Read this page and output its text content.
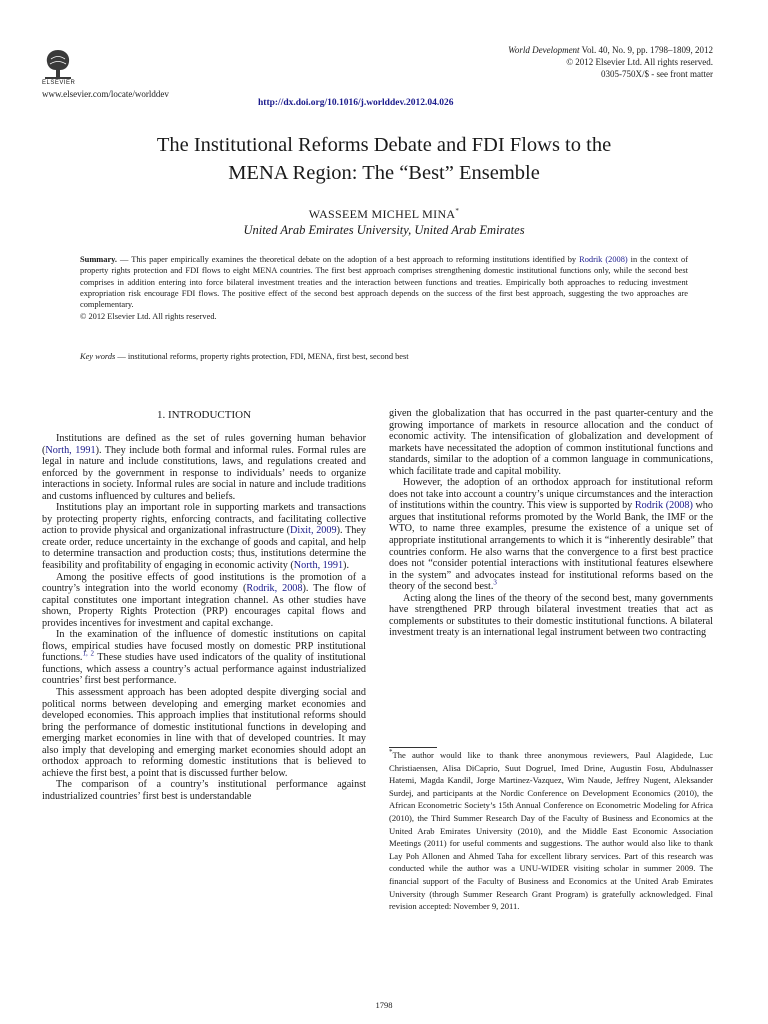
ELSEVIER
www.elsevier.com/locate/worlddev
http://dx.doi.org/10.1016/j.worlddev.2012.04.026
World Development Vol. 40, No. 9, pp. 1798–1809, 2012
© 2012 Elsevier Ltd. All rights reserved.
0305-750X/$ - see front matter
The Institutional Reforms Debate and FDI Flows to the
MENA Region: The “Best” Ensemble
WASSEEM MICHEL MINA*
United Arab Emirates University, United Arab Emirates
Summary. — This paper empirically examines the theoretical debate on the adoption of a best approach to reforming institutions identified by Rodrik (2008) in the context of property rights protection and FDI flows to eight MENA countries. The first best approach comprises strengthening domestic institutional functions only, while the second best comprises in addition entering into force bilateral investment treaties and the interaction between functions and treaties. Empirically both approaches to reducing investment expropriation risk encourage FDI flows. The positive effect of the second best approach depends on the success of the first best approach, suggesting the two approaches are complementary.
© 2012 Elsevier Ltd. All rights reserved.
Key words — institutional reforms, property rights protection, FDI, MENA, first best, second best
1. INTRODUCTION

Institutions are defined as the set of rules governing human behavior (North, 1991). They include both formal and informal rules. Formal rules are legal in nature and include constitutions, laws, and regulations created and enforced by the government in response to individuals’ needs to organize interactions in society. Informal rules are social in nature and include traditions and customs influenced by cultures and beliefs.

Institutions play an important role in supporting markets and transactions by protecting property rights, enforcing contracts, and facilitating collective action to provide physical and organizational infrastructure (Dixit, 2009). They create order, reduce uncertainty in the exchange of goods and capital, and help to determine transaction and production costs; thus, institutions determine the feasibility and profitability of engaging in economic activity (North, 1991).

Among the positive effects of good institutions is the promotion of a country’s integration into the world economy (Rodrik, 2008). The flow of capital constitutes one important integration channel. As other studies have shown, Property Rights Protection (PRP) encourages capital flows and provides incentives for investment and capital exchange.

In the examination of the influence of domestic institutions on capital flows, empirical studies have focused mostly on domestic PRP institutional functions.$^{1, 2}$ These studies have used indicators of the quality of institutional functions, which assess a country’s actual performance against industrialized countries’ first best performance.

This assessment approach has been adopted despite diverging social and political norms between developing and emerging market economies and developed economies. This approach implies that institutional reforms should bring the performance of domestic institutional functions in developing and emerging market economies in line with that of developed countries. It may also imply that developing and emerging market economies should adopt an orthodox approach to reforming domestic institutions that is believed to achieve the first best, a point that is discussed further below.

The comparison of a country’s institutional performance against industrialized countries’ first best is understandable

given the globalization that has occurred in the past quarter-century and the growing importance of markets in resource allocation and the conduct of economic activity. The intensification of globalization and development of markets have necessitated the adoption of common institutional functions and standards, similar to the adoption of a common language in communications, which facilitate trade and capital mobility.

However, the adoption of an orthodox approach for institutional reform does not take into account a country’s unique circumstances and the interaction of institutions within the country. This view is supported by Rodrik (2008) who argues that institutional reforms promoted by the World Bank, the IMF or the WTO, to name three examples, presume the existence of a unique set of appropriate institutional arrangements to which it is “inherently desirable” that countries conform. He also warns that the convergence to a first best practice does not “consider potential interactions with institutional features elsewhere in the system” and advocates instead for institutional reforms based on the theory of the second best.$^3$

Acting along the lines of the theory of the second best, many governments have strengthened PRP through bilateral investment treaties that act as complements or substitutes to their domestic institutional functions. A bilateral investment treaty is an international legal instrument between two contracting

*The author would like to thank three anonymous reviewers, Paul Alagidede, Luc Christiaensen, Alisa DiCaprio, Suut Dogruel, Imed Drine, Augustin Fosu, Abdulnasser Hatemi, Magda Kandil, Jorge Martinez-Vazquez, Wim Naude, Jeffrey Nugent, Aleksander Surdej, and participants at the Nordic Conference on Development Economics (2010), the African Econometric Society’s 15th Annual Conference on Econometric Modeling for Africa (2010), the Third Summer Research Day of the Faculty of Business and Economics at the United Arab Emirates University (2010), and the Middle East Economic Association Meetings (2011) for useful comments and suggestions. The author would also like to thank Lay Poh Allonen and Ahmed Taha for excellent library services. Part of this research was conducted while the author was a UNU-WIDER visiting scholar in summer 2009. The financial support of the Faculty of Business and Economics at the United Arab Emirates University (through Summer Research Grant Program) is gratefully acknowledged. Final revision accepted: November 9, 2011.
1798
